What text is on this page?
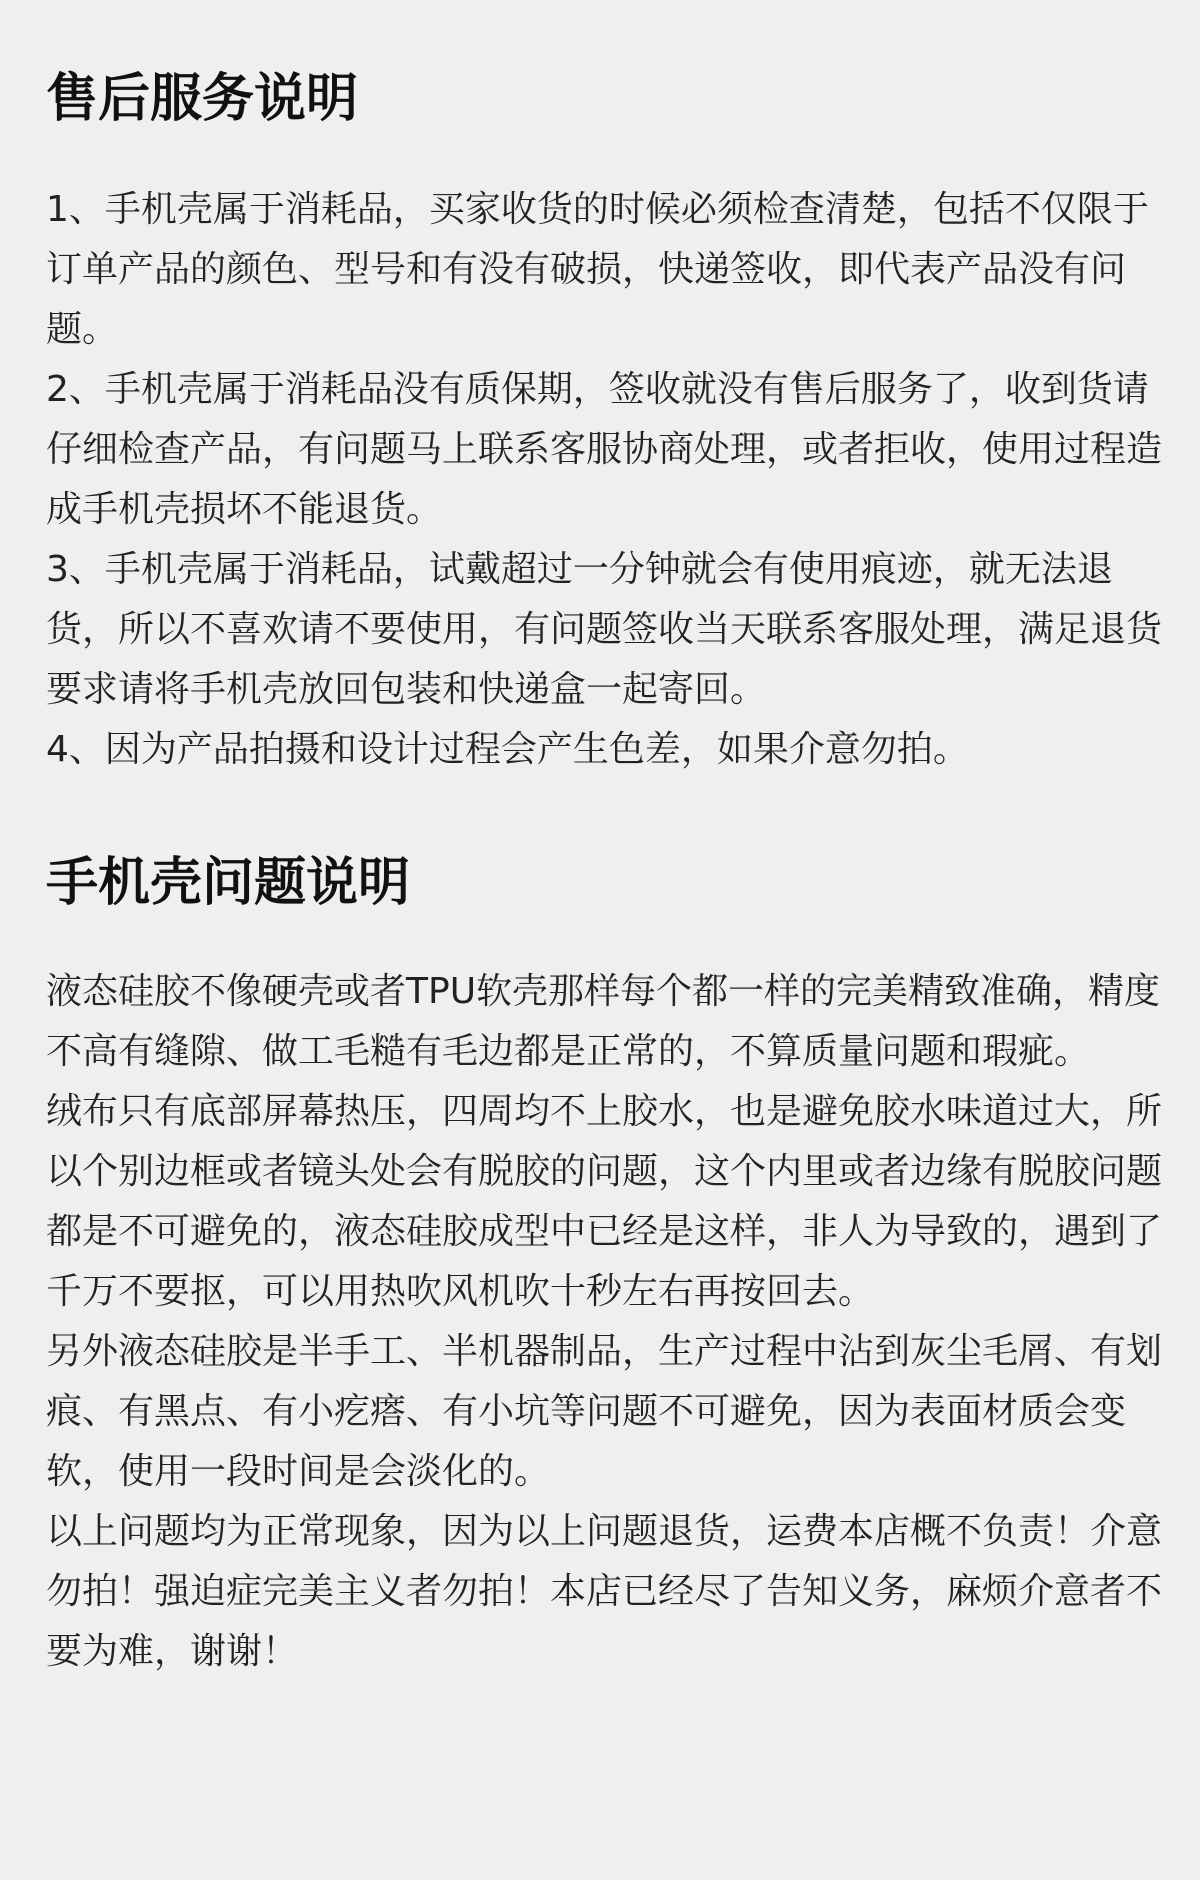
售后服务说明

1、手机壳属于消耗品，买家收货的时候必须检查清楚，包括不仅限于订单产品的颜色、型号和有没有破损，快递签收，即代表产品没有问题。

2、手机壳属于消耗品没有质保期，签收就没有售后服务了，收到货请仔细检查产品，有问题马上联系客服协商处理，或者拒收，使用过程造成手机壳损坏不能退货。

3、手机壳属于消耗品，试戴超过一分钟就会有使用痕迹，就无法退货，所以不喜欢请不要使用，有问题签收当天联系客服处理，满足退货要求请将手机壳放回包装和快递盒一起寄回。

4、因为产品拍摄和设计过程会产生色差，如果介意勿拍。

手机壳问题说明

液态硅胶不像硬壳或者TPU软壳那样每个都一样的完美精致准确，精度不高有缝隙、做工毛糙有毛边都是正常的，不算质量问题和瑕疵。

绒布只有底部屏幕热压，四周均不上胶水，也是避免胶水味道过大，所以个别边框或者镜头处会有脱胶的问题，这个内里或者边缘有脱胶问题都是不可避免的，液态硅胶成型中已经是这样，非人为导致的，遇到了千万不要抠，可以用热吹风机吹十秒左右再按回去。

另外液态硅胶是半手工、半机器制品，生产过程中沾到灰尘毛屑、有划痕、有黑点、有小疙瘩、有小坑等问题不可避免，因为表面材质会变软，使用一段时间是会淡化的。

以上问题均为正常现象，因为以上问题退货，运费本店概不负责！介意勿拍！强迫症完美主义者勿拍！本店已经尽了告知义务，麻烦介意者不要为难，谢谢！
